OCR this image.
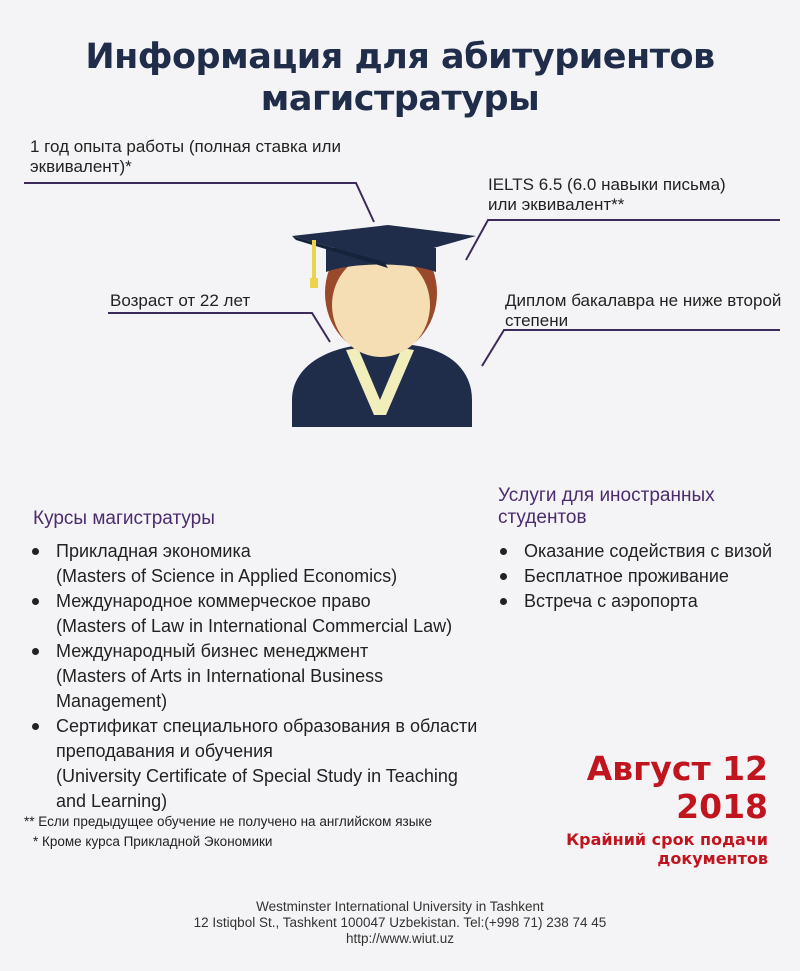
Информация для абитуриентов
магистратуры
1 год опыта работы (полная ставка или
эквивалент)*
IELTS 6.5 (6.0 навыки письма)
или эквивалент**
Возраст от 22 лет	Диплом бакалавра не ниже второй
степени
Курсы магистратуры
Прикладная экономика
(Masters of Science in Applied Economics)
Международное коммерческое право
(Masters of Law in International Commercial Law)
Международный бизнес менеджмент
(Masters of Arts in International Business Management)
Сертификат специального образования в области преподавания и обучения
(University Certificate of Special Study in Teaching and Learning)
Услуги для иностранных
студентов
Оказание содействия с визой
Бесплатное проживание
Встреча с аэропорта
** Если предыдущее обучение не получено на английском языке
* Кроме курса Прикладной Экономики
Август 12
2018
Крайний срок подачи
документов
Westminster International University in Tashkent
12 Istiqbol St., Tashkent 100047 Uzbekistan. Tel:(+998 71) 238 74 45
http://www.wiut.uz
